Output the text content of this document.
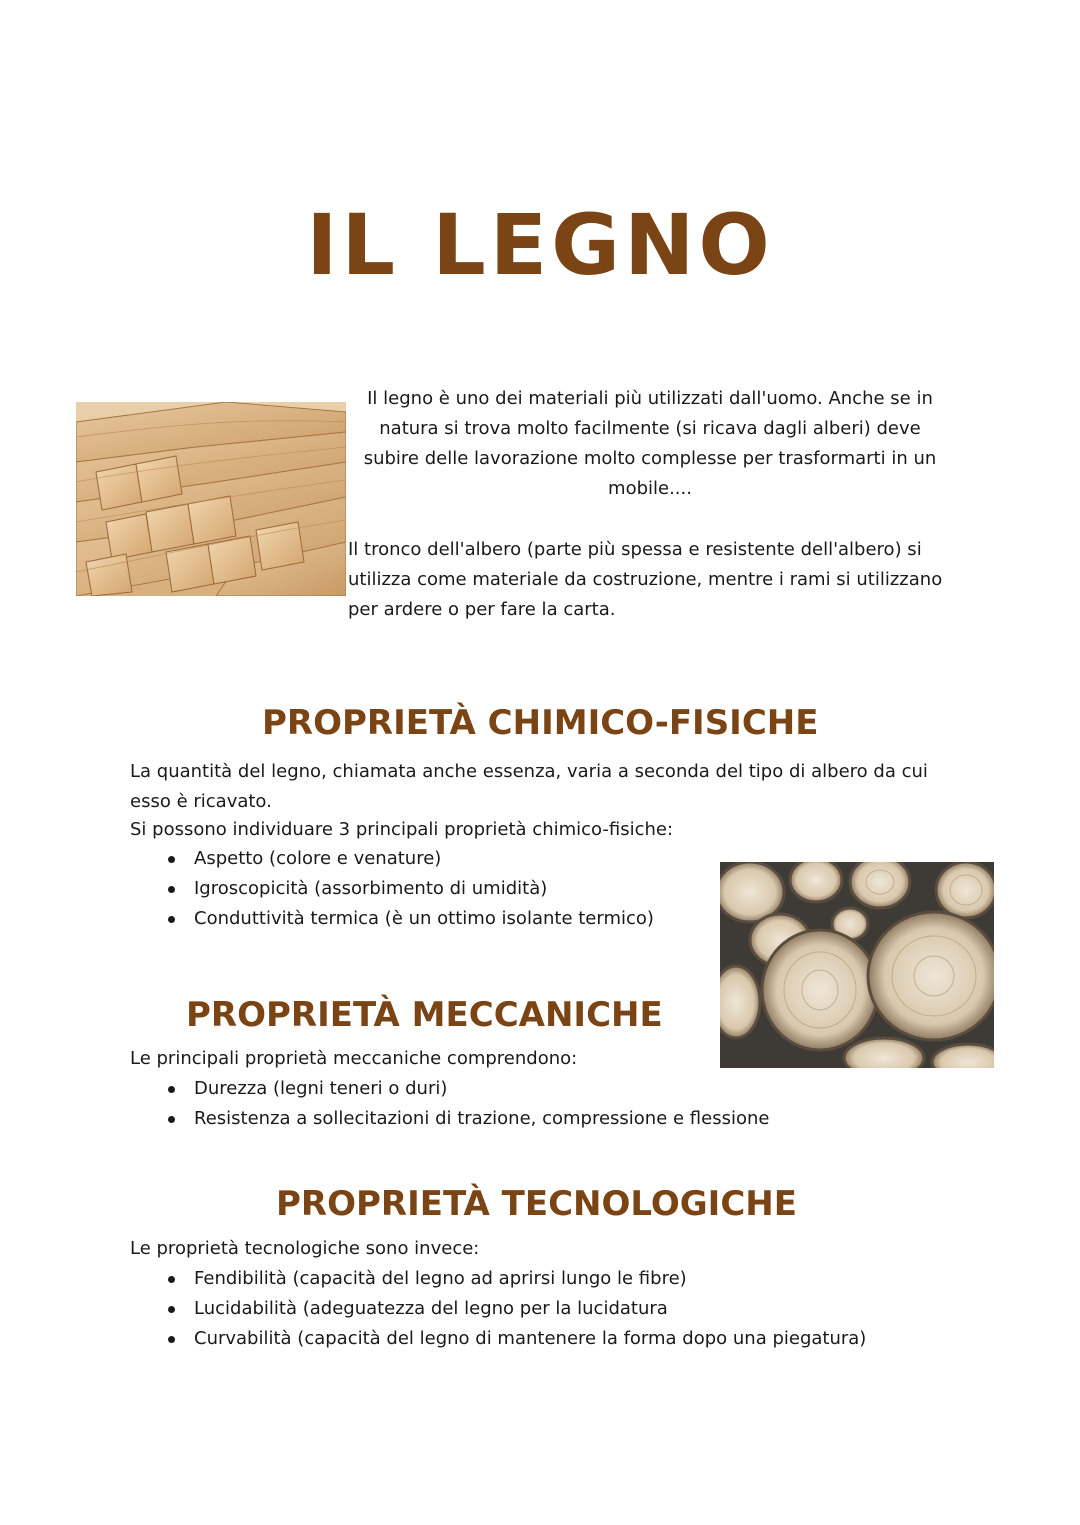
IL LEGNO

Il legno è uno dei materiali più utilizzati dall'uomo. Anche se in natura si trova molto facilmente (si ricava dagli alberi) deve subire delle lavorazione molto complesse per trasformarti in un mobile....

Il tronco dell'albero (parte più spessa e resistente dell'albero) si utilizza come materiale da costruzione, mentre i rami si utilizzano per ardere o per fare la carta.

PROPRIETÀ CHIMICO-FISICHE

La quantità del legno, chiamata anche essenza, varia a seconda del tipo di albero da cui esso è ricavato.

Si possono individuare 3 principali proprietà chimico-fisiche:

Aspetto (colore e venature)
Igroscopicità (assorbimento di umidità)
Conduttività termica (è un ottimo isolante termico)
PROPRIETÀ MECCANICHE

Le principali proprietà meccaniche comprendono:

Durezza (legni teneri o duri)
Resistenza a sollecitazioni di trazione, compressione e flessione
PROPRIETÀ TECNOLOGICHE

Le proprietà tecnologiche sono invece:

Fendibilità (capacità del legno ad aprirsi lungo le fibre)
Lucidabilità (adeguatezza del legno per la lucidatura
Curvabilità (capacità del legno di mantenere la forma dopo una piegatura)
